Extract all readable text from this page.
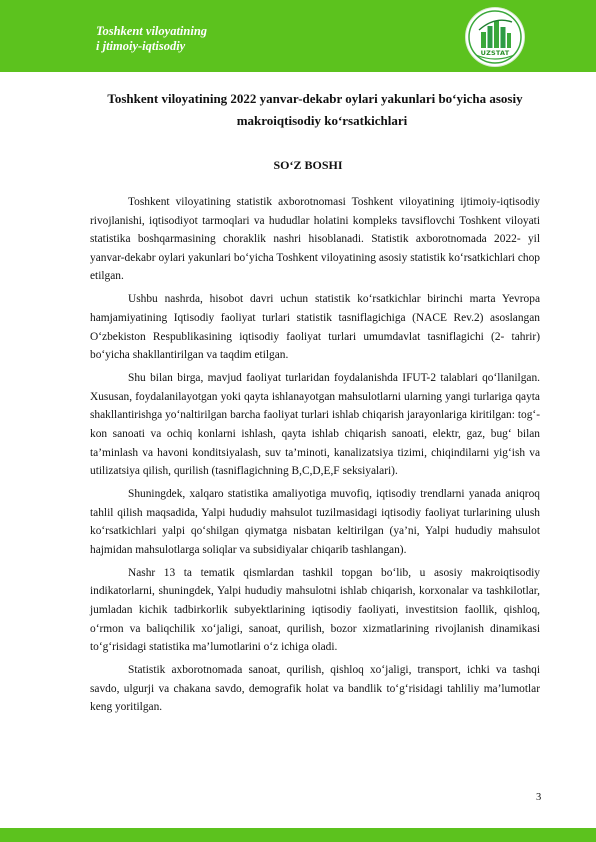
Toshkent viloyatining
i jtimoiy-iqtisodiy	UZSTAT
Toshkent viloyatining 2022 yanvar-dekabr oylari yakunlari bo‘yicha asosiy
makroiqtisodiy ko‘rsatkichlari
SO‘Z BOSHI

Toshkent viloyatining statistik axborotnomasi Toshkent viloyatining ijtimoiy-iqtisodiy rivojlanishi, iqtisodiyot tarmoqlari va hududlar holatini kompleks tavsiflovchi Toshkent viloyati statistika boshqarmasining choraklik nashri hisoblanadi. Statistik axborotnomada 2022- yil yanvar-dekabr oylari yakunlari bo‘yicha Toshkent viloyatining asosiy statistik ko‘rsatkichlari chop etilgan.

Ushbu nashrda, hisobot davri uchun statistik ko‘rsatkichlar birinchi marta Yevropa hamjamiyatining Iqtisodiy faoliyat turlari statistik tasniflagichiga (NACE Rev.2) asoslangan O‘zbekiston Respublikasining iqtisodiy faoliyat turlari umumdavlat tasniflagichi (2- tahrir) bo‘yicha shakllantirilgan va taqdim etilgan.

Shu bilan birga, mavjud faoliyat turlaridan foydalanishda IFUT-2 talablari qo‘llanilgan. Xususan, foydalanilayotgan yoki qayta ishlanayotgan mahsulotlarni ularning yangi turlariga qayta shakllantirishga yo‘naltirilgan barcha faoliyat turlari ishlab chiqarish jarayonlariga kiritilgan: tog‘-kon sanoati va ochiq konlarni ishlash, qayta ishlab chiqarish sanoati, elektr, gaz, bug‘ bilan ta’minlash va havoni konditsiyalash, suv ta’minoti, kanalizatsiya tizimi, chiqindilarni yig‘ish va utilizatsiya qilish, qurilish (tasniflagichning B,C,D,E,F seksiyalari).

Shuningdek, xalqaro statistika amaliyotiga muvofiq, iqtisodiy trendlarni yanada aniqroq tahlil qilish maqsadida, Yalpi hududiy mahsulot tuzilmasidagi iqtisodiy faoliyat turlarining ulush ko‘rsatkichlari yalpi qo‘shilgan qiymatga nisbatan keltirilgan (ya’ni, Yalpi hududiy mahsulot hajmidan mahsulotlarga soliqlar va subsidiyalar chiqarib tashlangan).

Nashr 13 ta tematik qismlardan tashkil topgan bo‘lib, u asosiy makroiqtisodiy indikatorlarni, shuningdek, Yalpi hududiy mahsulotni ishlab chiqarish, korxonalar va tashkilotlar, jumladan kichik tadbirkorlik subyektlarining iqtisodiy faoliyati, investitsion faollik, qishloq, o‘rmon va baliqchilik xo‘jaligi, sanoat, qurilish, bozor xizmatlarining rivojlanish dinamikasi to‘g‘risidagi statistika ma’lumotlarini o‘z ichiga oladi.

Statistik axborotnomada sanoat, qurilish, qishloq xo‘jaligi, transport, ichki va tashqi savdo, ulgurji va chakana savdo, demografik holat va bandlik to‘g‘risidagi tahliliy ma’lumotlar keng yoritilgan.

3
